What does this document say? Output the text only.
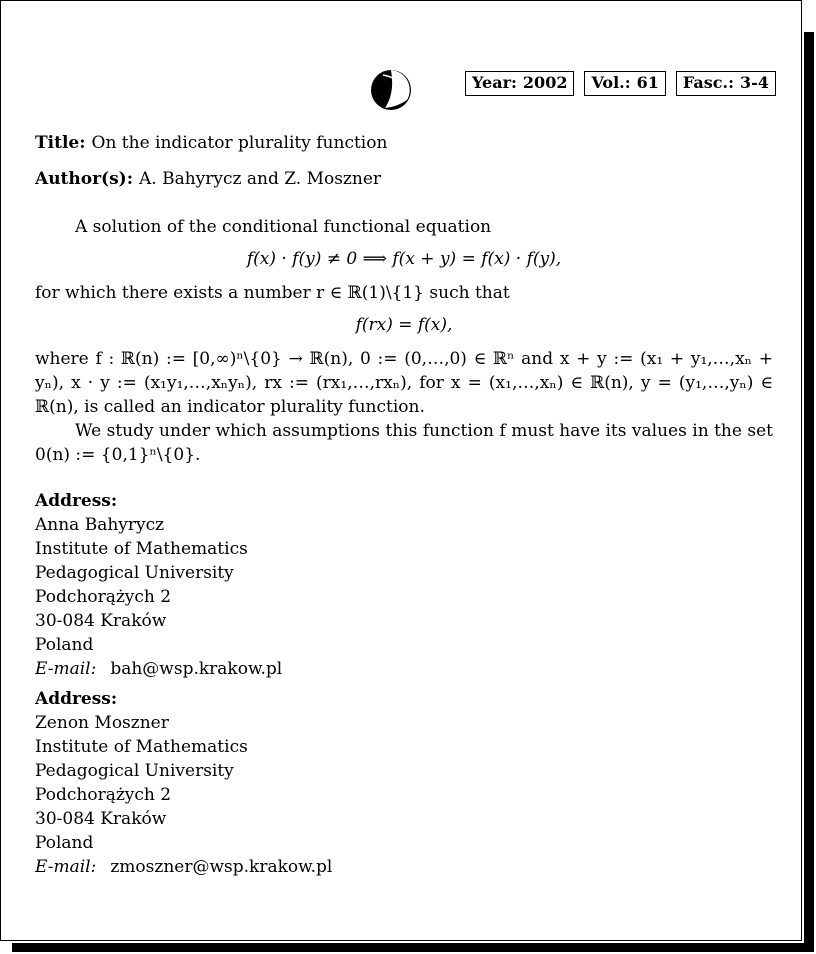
Year: 2002	Vol.: 61	Fasc.: 3-4
Title: On the indicator plurality function
Author(s): A. Bahyrycz and Z. Moszner

A solution of the conditional functional equation

f(x) · f(y) ≠ 0 ⟹ f(x + y) = f(x) · f(y),

for which there exists a number r ∈ ℝ(1)\{1} such that

f(rx) = f(x),

where f : ℝ(n) := [0,∞)ⁿ\{0} → ℝ(n), 0 := (0,…,0) ∈ ℝⁿ and x + y := (x₁ + y₁,…,xₙ + yₙ), x · y := (x₁y₁,…,xₙyₙ), rx := (rx₁,…,rxₙ), for x = (x₁,…,xₙ) ∈ ℝ(n), y = (y₁,…,yₙ) ∈ ℝ(n), is called an indicator plurality function.

We study under which assumptions this function f must have its values in the set 0(n) := {0,1}ⁿ\{0}.

Address:
Anna Bahyrycz
Institute of Mathematics
Pedagogical University
Podchorążych 2
30-084 Kraków
Poland
E-mail: bah@wsp.krakow.pl
Address:
Zenon Moszner
Institute of Mathematics
Pedagogical University
Podchorążych 2
30-084 Kraków
Poland
E-mail: zmoszner@wsp.krakow.pl
